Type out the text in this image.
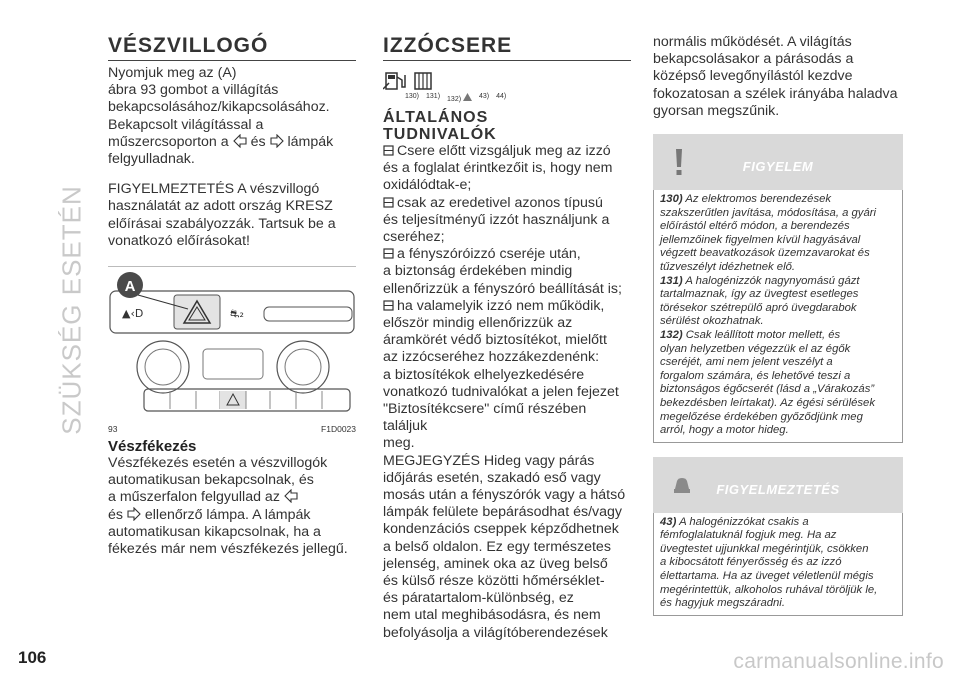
SZÜKSÉG ESETÉN
VÉSZVILLOGÓ

Nyomjuk meg az (A)
ábra 93 gombot a villágítás
bekapcsolásához/kikapcsolásához.
Bekapcsolt világítással a
műszercsoporton a és lámpák
felgyulladnak.

FIGYELMEZTETÉS A vészvillogó
használatát az adott ország KRESZ
előírásai szabályozzák. Tartsuk be a
vonatkozó előírásokat!

▲‹D	⛐₂
A
93	F1D0023
Vészfékezés

Vészfékezés esetén a vészvillogók
automatikusan bekapcsolnak, és
a műszerfalon felgyullad az
és ellenőrző lámpa. A lámpák
automatikusan kikapcsolnak, ha a
fékezés már nem vészfékezés jellegű.

IZZÓCSERE
130) 131) 132)	43) 44)
ÁLTALÁNOS
TUDNIVALÓK

Csere előtt vizsgáljuk meg az izzó
és a foglalat érintkezőit is, hogy nem
oxidálódtak-e;
csak az eredetivel azonos típusú
és teljesítményű izzót használjunk a
cseréhez;
a fényszóróizzó cseréje után,
a biztonság érdekében mindig
ellenőrizzük a fényszóró beállítását is;
ha valamelyik izzó nem működik,
először mindig ellenőrizzük az
áramkörét védő biztosítékot, mielőtt
az izzócseréhez hozzákezdenénk:
a biztosítékok elhelyezkedésére
vonatkozó tudnivalókat a jelen fejezet
"Biztosítékcsere" című részében találjuk
meg.
MEGJEGYZÉS Hideg vagy párás
időjárás esetén, szakadó eső vagy
mosás után a fényszórók vagy a hátsó
lámpák felülete bepárásodhat és/vagy
kondenzációs cseppek képződhetnek
a belső oldalon. Ez egy természetes
jelenség, aminek oka az üveg belső
és külső része közötti hőmérséklet-
és páratartalom-különbség, ez
nem utal meghibásodásra, és nem
befolyásolja a világítóberendezések

normális működését. A világítás
bekapcsolásakor a párásodás a
középső levegőnyílástól kezdve
fokozatosan a szélek irányába haladva
gyorsan megszűnik.

FIGYELEM
130) Az elektromos berendezések
szakszerűtlen javítása, módosítása, a gyári
előírástól eltérő módon, a berendezés
jellemzőinek figyelmen kívül hagyásával
végzett beavatkozások üzemzavarokat és
tűzveszélyt idézhetnek elő.
131) A halogénizzók nagynyomású gázt
tartalmaznak, így az üvegtest esetleges
törésekor szétrepülő apró üvegdarabok
sérülést okozhatnak.
132) Csak leállított motor mellett, és
olyan helyzetben végezzük el az égők
cseréjét, ami nem jelent veszélyt a
forgalom számára, és lehetővé teszi a
biztonságos égőcserét (lásd a „Várakozás”
bekezdésben leírtakat). Az égési sérülések
megelőzése érdekében győződjünk meg
arról, hogy a motor hideg.
FIGYELMEZTETÉS
43) A halogénizzókat csakis a
fémfoglalatuknál fogjuk meg. Ha az
üvegtestet ujjunkkal megérintjük, csökken
a kibocsátott fényerősség és az izzó
élettartama. Ha az üveget véletlenül mégis
megérintettük, alkoholos ruhával töröljük le,
és hagyjuk megszáradni.
106	carmanualsonline.info
